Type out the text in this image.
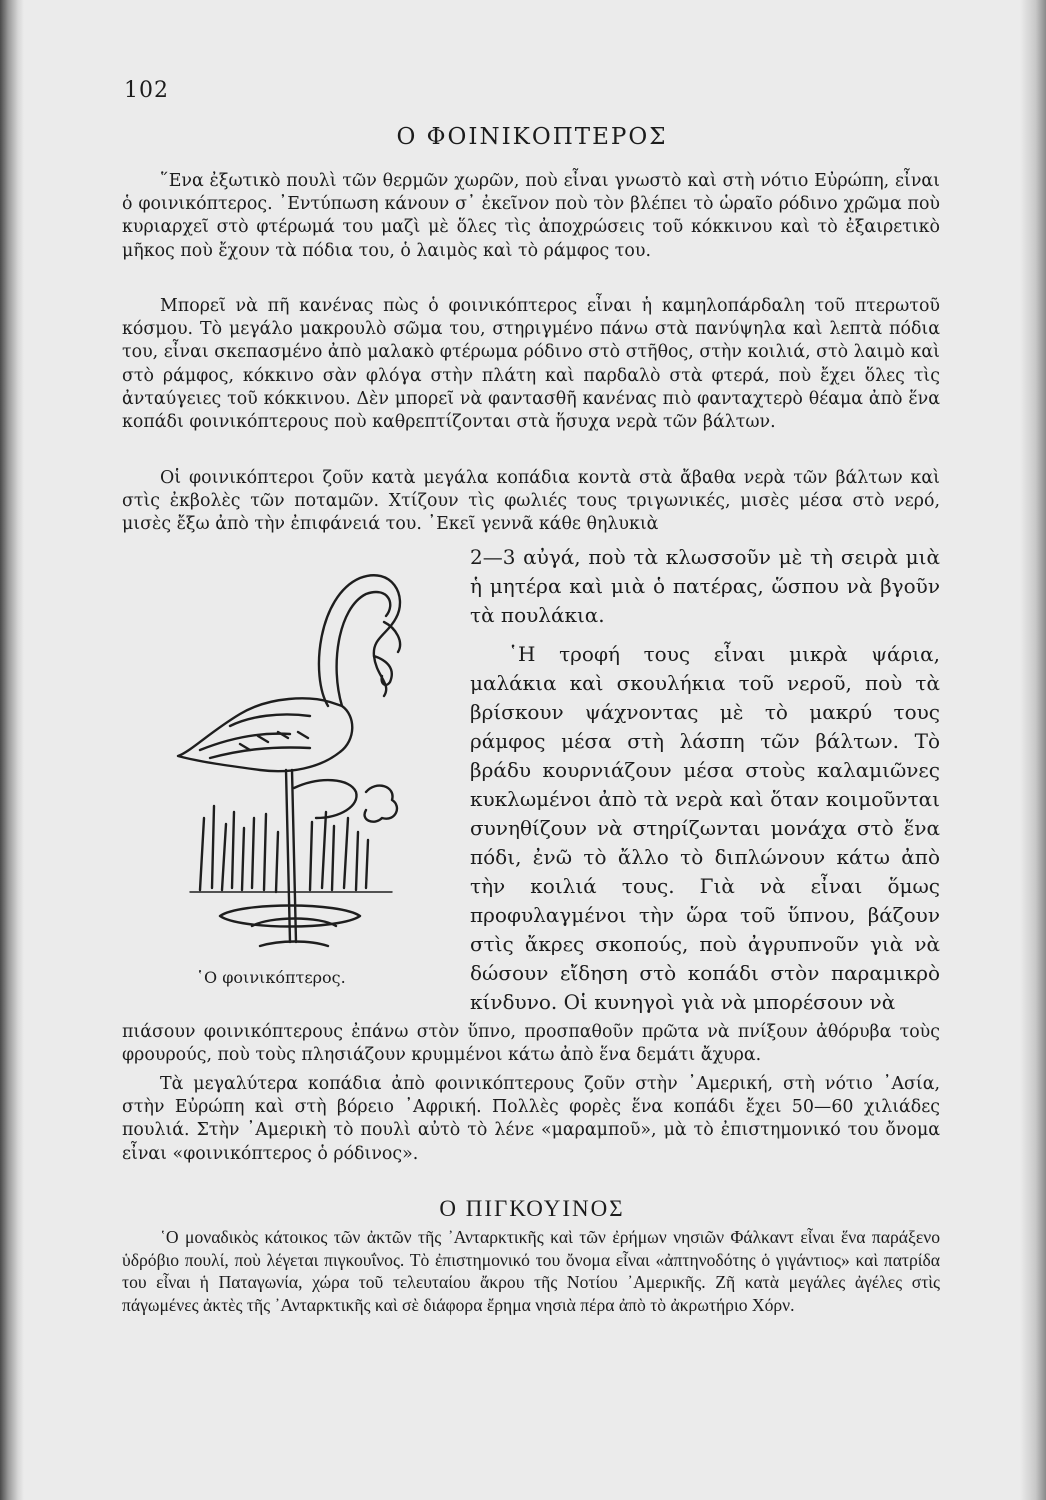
102
Ο ΦΟΙΝΙΚΟΠΤΕΡΟΣ

῞Ενα ἐξωτικὸ πουλὶ τῶν θερμῶν χωρῶν, ποὺ εἶναι γνωστὸ καὶ στὴ νότιο Εὐρώπη, εἶναι ὁ φοινικόπτερος. ᾽Εντύπωση κάνουν σ᾽ ἐκεῖνον ποὺ τὸν βλέπει τὸ ὡραῖο ρόδινο χρῶμα ποὺ κυριαρχεῖ στὸ φτέρωμά του μαζὶ μὲ ὅλες τὶς ἀποχρώσεις τοῦ κόκκινου καὶ τὸ ἐξαιρετικὸ μῆκος ποὺ ἔχουν τὰ πόδια του, ὁ λαιμὸς καὶ τὸ ράμφος του.

Μπορεῖ νὰ πῆ κανένας πὼς ὁ φοινικόπτερος εἶναι ἡ καμηλοπάρδαλη τοῦ πτερωτοῦ κόσμου. Τὸ μεγάλο μακρουλὸ σῶμα του, στηριγμένο πάνω στὰ πανύψηλα καὶ λεπτὰ πόδια του, εἶναι σκεπασμένο ἀπὸ μαλακὸ φτέρωμα ρόδινο στὸ στῆθος, στὴν κοιλιά, στὸ λαιμὸ καὶ στὸ ράμφος, κόκκινο σὰν φλόγα στὴν πλάτη καὶ παρδαλὸ στὰ φτερά, ποὺ ἔχει ὅλες τὶς ἀνταύγειες τοῦ κόκκινου. Δὲν μπορεῖ νὰ φαντασθῆ κανένας πιὸ φανταχτερὸ θέαμα ἀπὸ ἕνα κοπάδι φοινικόπτερους ποὺ καθρεπτίζονται στὰ ἥσυχα νερὰ τῶν βάλτων.

Οἱ φοινικόπτεροι ζοῦν κατὰ μεγάλα κοπάδια κοντὰ στὰ ἄβαθα νερὰ τῶν βάλτων καὶ στὶς ἐκβολὲς τῶν ποταμῶν. Χτίζουν τὶς φωλιές τους τριγωνικές, μισὲς μέσα στὸ νερό, μισὲς ἔξω ἀπὸ τὴν ἐπιφάνειά του. ᾽Εκεῖ γεννᾶ κάθε θηλυκιὰ

῾Ο φοινικόπτερος.

2—3 αὐγά, ποὺ τὰ κλωσσοῦν μὲ τὴ σειρὰ μιὰ ἡ μητέρα καὶ μιὰ ὁ πατέρας, ὥσπου νὰ βγοῦν τὰ πουλάκια.

῾Η τροφή τους εἶναι μικρὰ ψάρια, μαλάκια καὶ σκουλήκια τοῦ νεροῦ, ποὺ τὰ βρίσκουν ψάχνοντας μὲ τὸ μακρύ τους ράμφος μέσα στὴ λάσπη τῶν βάλτων. Τὸ βράδυ κουρνιάζουν μέσα στοὺς καλαμιῶνες κυκλωμένοι ἀπὸ τὰ νερὰ καὶ ὅταν κοιμοῦνται συνηθίζουν νὰ στηρίζωνται μονάχα στὸ ἕνα πόδι, ἐνῶ τὸ ἄλλο τὸ διπλώνουν κάτω ἀπὸ τὴν κοιλιά τους. Γιὰ νὰ εἶναι ὅμως προφυλαγμένοι τὴν ὥρα τοῦ ὕπνου, βάζουν στὶς ἄκρες σκοπούς, ποὺ ἀγρυπνοῦν γιὰ νὰ δώσουν εἴδηση στὸ κοπάδι στὸν παραμικρὸ κίνδυνο. Οἱ κυνηγοὶ γιὰ νὰ μπορέσουν νὰ

πιάσουν φοινικόπτερους ἐπάνω στὸν ὕπνο, προσπαθοῦν πρῶτα νὰ πνίξουν ἀθόρυβα τοὺς φρουρούς, ποὺ τοὺς πλησιάζουν κρυμμένοι κάτω ἀπὸ ἕνα δεμάτι ἄχυρα.

Τὰ μεγαλύτερα κοπάδια ἀπὸ φοινικόπτερους ζοῦν στὴν ᾽Αμερική, στὴ νότιο ᾽Ασία, στὴν Εὐρώπη καὶ στὴ βόρειο ᾽Αφρική. Πολλὲς φορὲς ἕνα κοπάδι ἔχει 50—60 χιλιάδες πουλιά. Στὴν ᾽Αμερικὴ τὸ πουλὶ αὐτὸ τὸ λένε «μαραμποῦ», μὰ τὸ ἐπιστημονικό του ὄνομα εἶναι «φοινικόπτερος ὁ ρόδινος».

Ο ΠΙΓΚΟΥΙΝΟΣ

῾Ο μοναδικὸς κάτοικος τῶν ἀκτῶν τῆς ᾽Ανταρκτικῆς καὶ τῶν ἐρήμων νησιῶν Φάλκαντ εἶναι ἕνα παράξενο ὑδρόβιο πουλί, ποὺ λέγεται πιγκουΐνος. Τὸ ἐπιστημονικό του ὄνομα εἶναι «ἀπτηνοδότης ὁ γιγάντιος» καὶ πατρίδα του εἶναι ἡ Παταγωνία, χώρα τοῦ τελευταίου ἄκρου τῆς Νοτίου ᾽Αμερικῆς. Ζῆ κατὰ μεγάλες ἀγέλες στὶς πάγωμένες ἀκτὲς τῆς ᾽Ανταρκτικῆς καὶ σὲ διάφορα ἔρημα νησιὰ πέρα ἀπὸ τὸ ἀκρωτήριο Χόρν.
